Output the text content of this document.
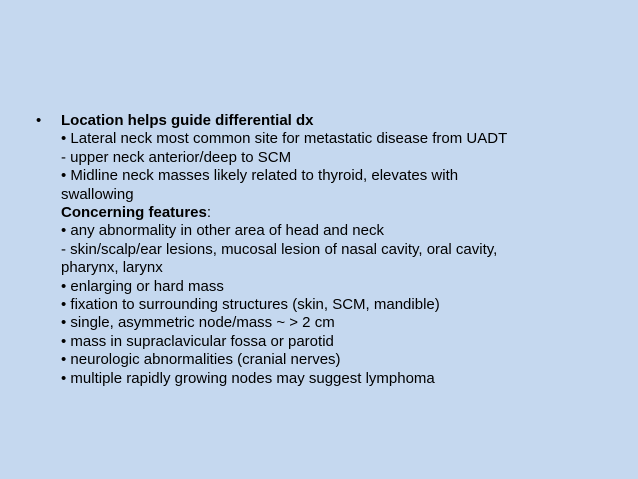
•	Location helps guide differential dx
• Lateral neck most common site for metastatic disease from UADT
- upper neck anterior/deep to SCM
• Midline neck masses likely related to thyroid, elevates with
swallowing
Concerning features:
• any abnormality in other area of head and neck
- skin/scalp/ear lesions, mucosal lesion of nasal cavity, oral cavity,
pharynx, larynx
• enlarging or hard mass
• fixation to surrounding structures (skin, SCM, mandible)
• single, asymmetric node/mass ~ > 2 cm
• mass in supraclavicular fossa or parotid
• neurologic abnormalities (cranial nerves)
• multiple rapidly growing nodes may suggest lymphoma
